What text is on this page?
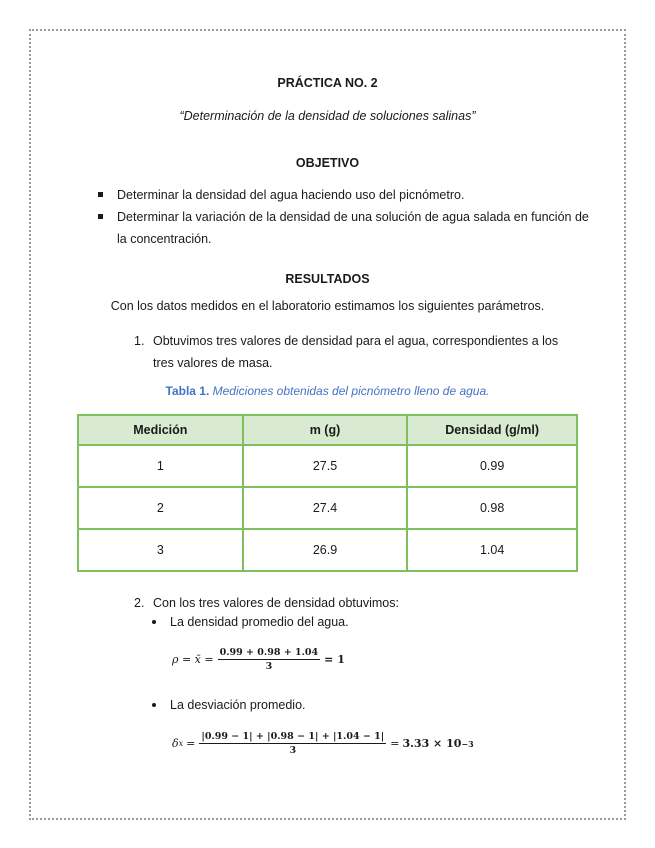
PRÁCTICA NO. 2
“Determinación de la densidad de soluciones salinas”
OBJETIVO
Determinar la densidad del agua haciendo uso del picnómetro.
Determinar la variación de la densidad de una solución de agua salada en función de la concentración.
RESULTADOS
Con los datos medidos en el laboratorio estimamos los siguientes parámetros.
1. Obtuvimos tres valores de densidad para el agua, correspondientes a los
tres valores de masa.
Tabla 1. Mediciones obtenidas del picnómetro lleno de agua.
Medición	m (g)	Densidad (g/ml)
1	27.5	0.99
2	27.4	0.98
3	26.9	1.04
2. Con los tres valores de densidad obtuvimos:
La densidad promedio del agua.
ρ = x̄ = $\frac{0.99 + 0.98 + 1.04}{3} = 1$
La desviación promedio.
δ $x = \frac{|0.99 - 1| + |0.98 - 1| + |1.04 - 1|}{3} = 3.33 \times 10 -3$
